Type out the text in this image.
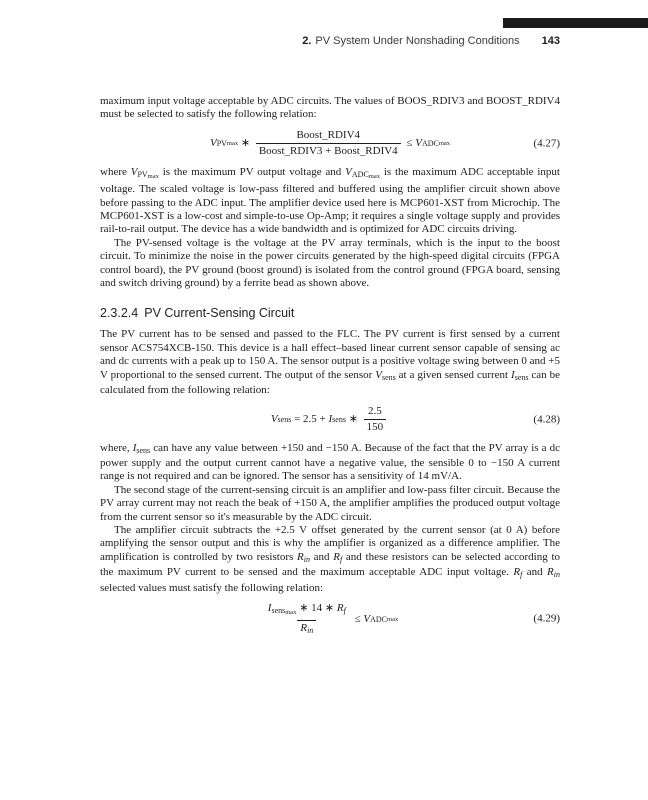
2. PV System Under Nonshading Conditions 143

maximum input voltage acceptable by ADC circuits. The values of BOOS_RDIV3 and BOOST_RDIV4 must be selected to satisfy the following relation:

V PV max ∗ $\frac{\text{Boost\_RDIV4}}{\text{Boost\_RDIV3 + Boost\_RDIV4}} \le V$ ADC max	(4.27)

where $VPV_{max}$ is the maximum PV output voltage and $VADC_{max}$ is the maximum ADC acceptable input voltage. The scaled voltage is low-pass filtered and buffered using the amplifier circuit shown above before passing to the ADC input. The amplifier device used here is MCP601-XST from Microchip. The MCP601-XST is a low-cost and simple-to-use Op-Amp; it requires a single voltage supply and provides rail-to-rail output. The device has a wide bandwidth and is optimized for ADC circuits driving.

The PV-sensed voltage is the voltage at the PV array terminals, which is the input to the boost circuit. To minimize the noise in the power circuits generated by the high-speed digital circuits (FPGA control board), the PV ground (boost ground) is isolated from the control ground (FPGA board, sensing and switch driving ground) by a ferrite bead as shown above.

2.3.2.4 PV Current-Sensing Circuit

The PV current has to be sensed and passed to the FLC. The PV current is first sensed by a current sensor ACS754XCB-150. This device is a hall effect–based linear current sensor capable of sensing ac and dc currents with a peak up to 150 A. The sensor output is a positive voltage swing between 0 and +5 V proportional to the sensed current. The output of the sensor Vsens at a given sensed current Isens can be calculated from the following relation:

V sens = 2.5 + I sens ∗ $\frac{2.5}{150}$	(4.28)

where, Isens can have any value between +150 and −150 A. Because of the fact that the PV array is a dc power supply and the output current cannot have a negative value, the sensible 0 to −150 A current range is not required and can be ignored. The sensor has a sensitivity of 14 mV/A.

The second stage of the current-sensing circuit is an amplifier and low-pass filter circuit. Because the PV array current may not reach the beak of +150 A, the amplifier amplifies the produced output voltage from the current sensor so it's measurable by the ADC circuit.

The amplifier circuit subtracts the +2.5 V offset generated by the current sensor (at 0 A) before amplifying the sensor output and this is why the amplifier is organized as a difference amplifier. The amplification is controlled by two resistors Rin and Rf and these resistors can be selected according to the maximum PV current to be sensed and the maximum acceptable ADC input voltage. Rf and Rin selected values must satisfy the following relation:

$\frac{Isens_{max} ∗ 14 ∗ Rf}{\text{Rin}} \le V$ ADC max	(4.29)
